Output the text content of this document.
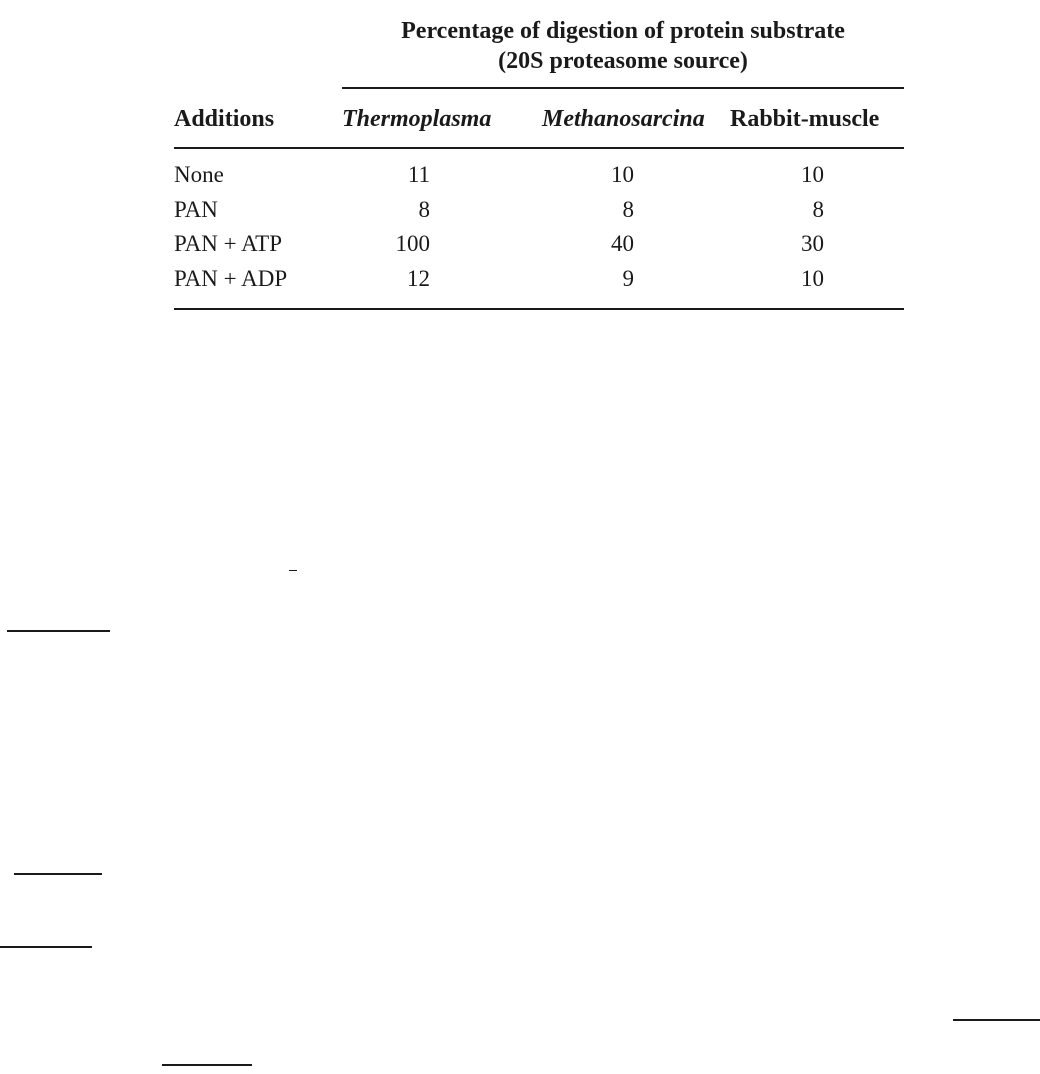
Percentage of digestion of protein substrate
(20S proteasome source)
Additions	Thermoplasma Methanosarcina Rabbit-muscle
None	11	10	10
PAN	8	8	8
PAN + ATP	100	40	30
PAN + ADP	12	9	10
